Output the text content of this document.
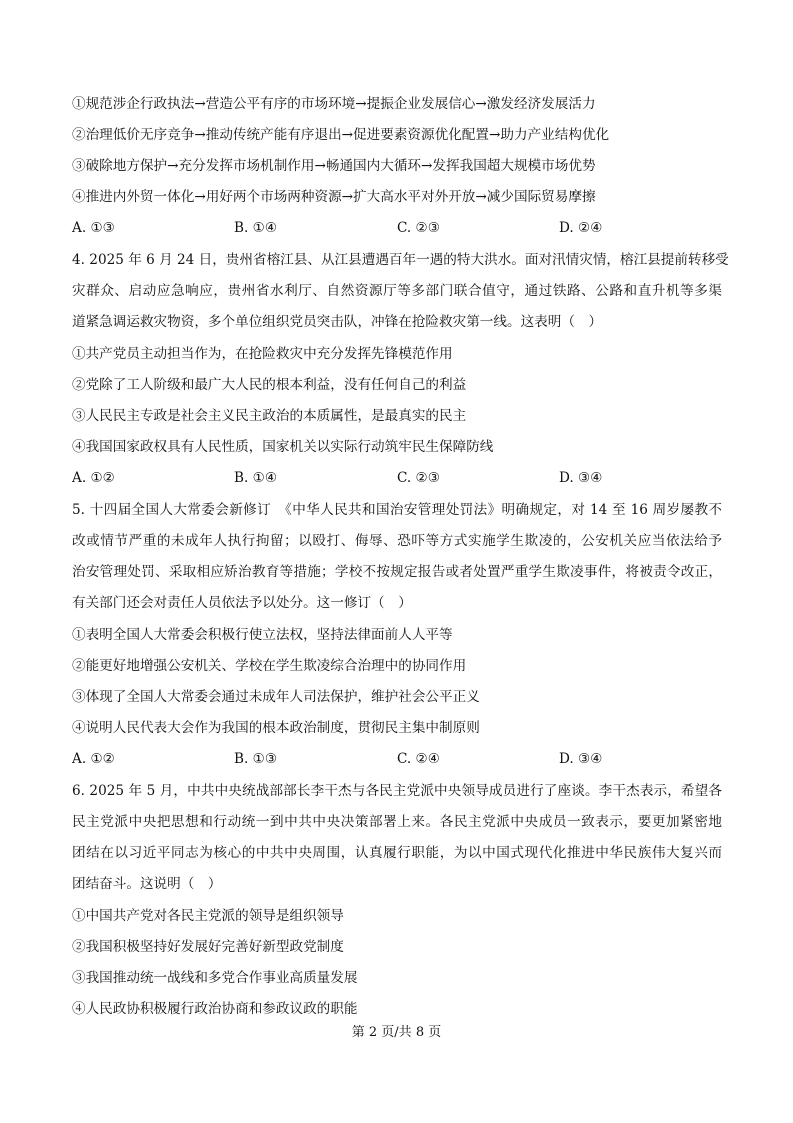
①规范涉企行政执法→营造公平有序的市场环境→提振企业发展信心→激发经济发展活力
②治理低价无序竞争→推动传统产能有序退出→促进要素资源优化配置→助力产业结构优化
③破除地方保护→充分发挥市场机制作用→畅通国内大循环→发挥我国超大规模市场优势
④推进内外贸一体化→用好两个市场两种资源→扩大高水平对外开放→减少国际贸易摩擦
A. ①③	B. ①④	C. ②③	D. ②④
4. 2025 年 6 月 24 日，贵州省榕江县、从江县遭遇百年一遇的特大洪水。面对汛情灾情，榕江县提前转移受
灾群众、启动应急响应，贵州省水利厅、自然资源厅等多部门联合值守，通过铁路、公路和直升机等多渠
道紧急调运救灾物资，多个单位组织党员突击队，冲锋在抢险救灾第一线。这表明（　）
①共产党员主动担当作为，在抢险救灾中充分发挥先锋模范作用
②党除了工人阶级和最广大人民的根本利益，没有任何自己的利益
③人民民主专政是社会主义民主政治的本质属性，是最真实的民主
④我国国家政权具有人民性质，国家机关以实际行动筑牢民生保障防线
A. ①②	B. ①④	C. ②③	D. ③④
5. 十四届全国人大常委会新修订　《中华人民共和国治安管理处罚法》明确规定，对 14 至 16 周岁屡教不
改或情节严重的未成年人执行拘留；以殴打、侮辱、恐吓等方式实施学生欺凌的，公安机关应当依法给予
治安管理处罚、采取相应矫治教育等措施；学校不按规定报告或者处置严重学生欺凌事件，将被责令改正，
有关部门还会对责任人员依法予以处分。这一修订（　）
①表明全国人大常委会积极行使立法权，坚持法律面前人人平等
②能更好地增强公安机关、学校在学生欺凌综合治理中的协同作用
③体现了全国人大常委会通过未成年人司法保护，维护社会公平正义
④说明人民代表大会作为我国的根本政治制度，贯彻民主集中制原则
A. ①②	B. ①③	C. ②④	D. ③④
6. 2025 年 5 月，中共中央统战部部长李干杰与各民主党派中央领导成员进行了座谈。李干杰表示，希望各
民主党派中央把思想和行动统一到中共中央决策部署上来。各民主党派中央成员一致表示，要更加紧密地
团结在以习近平同志为核心的中共中央周围，认真履行职能，为以中国式现代化推进中华民族伟大复兴而
团结奋斗。这说明（　）
①中国共产党对各民主党派的领导是组织领导
②我国积极坚持好发展好完善好新型政党制度
③我国推动统一战线和多党合作事业高质量发展
④人民政协积极履行政治协商和参政议政的职能
第 2 页/共 8 页
